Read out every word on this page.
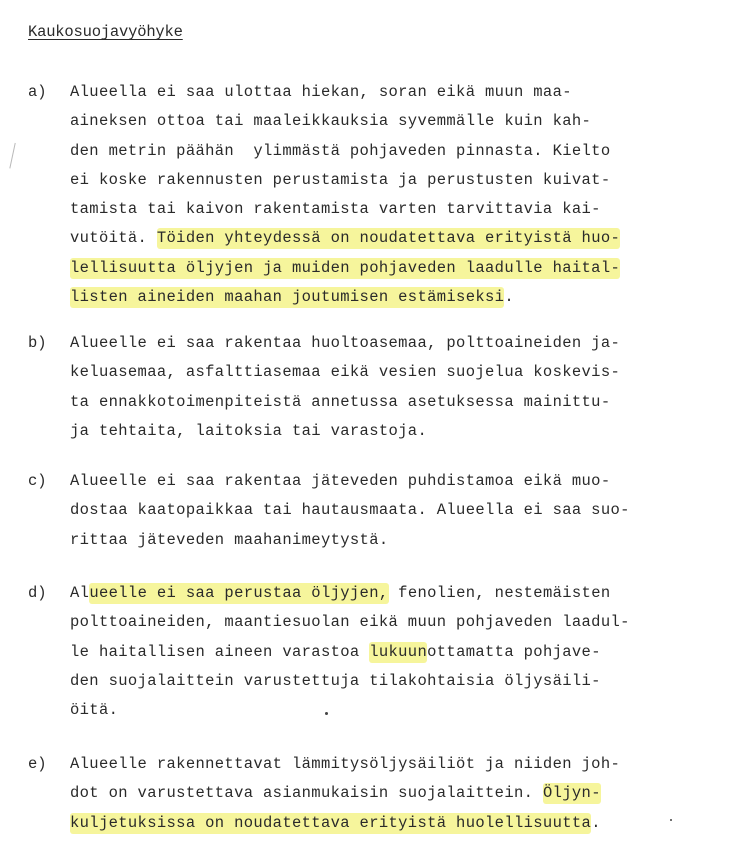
Kaukosuojavyöhyke
a) Alueella ei saa ulottaa hiekan, soran eikä muun maa-
aineksen ottoa tai maaleikkauksia syvemmälle kuin kah-
den metrin päähän  ylimmästä pohjaveden pinnasta. Kielto
ei koske rakennusten perustamista ja perustusten kuivat-
tamista tai kaivon rakentamista varten tarvittavia kai-
vutöitä. Töiden yhteydessä on noudatettava erityistä huo-
lellisuutta öljyjen ja muiden pohjaveden laadulle haital-
listen aineiden maahan joutumisen estämiseksi.
b) Alueelle ei saa rakentaa huoltoasemaa, polttoaineiden ja-
keluasemaa, asfalttiasemaa eikä vesien suojelua koskevis-
ta ennakkotoimenpiteistä annetussa asetuksessa mainittu-
ja tehtaita, laitoksia tai varastoja.
c) Alueelle ei saa rakentaa jäteveden puhdistamoa eikä muo-
dostaa kaatopaikkaa tai hautausmaata. Alueella ei saa suo-
rittaa jäteveden maahanimeytystä.
d) Alueelle ei saa perustaa öljyjen, fenolien, nestemäisten
polttoaineiden, maantiesuolan eikä muun pohjaveden laadul-
le haitallisen aineen varastoa lukuunottamatta pohjave-
den suojalaittein varustettuja tilakohtaisia öljysäili-
öitä.
e) Alueelle rakennettavat lämmitysöljysäiliöt ja niiden joh-
dot on varustettava asianmukaisin suojalaittein. Öljyn-
kuljetuksissa on noudatettava erityistä huolellisuutta.
